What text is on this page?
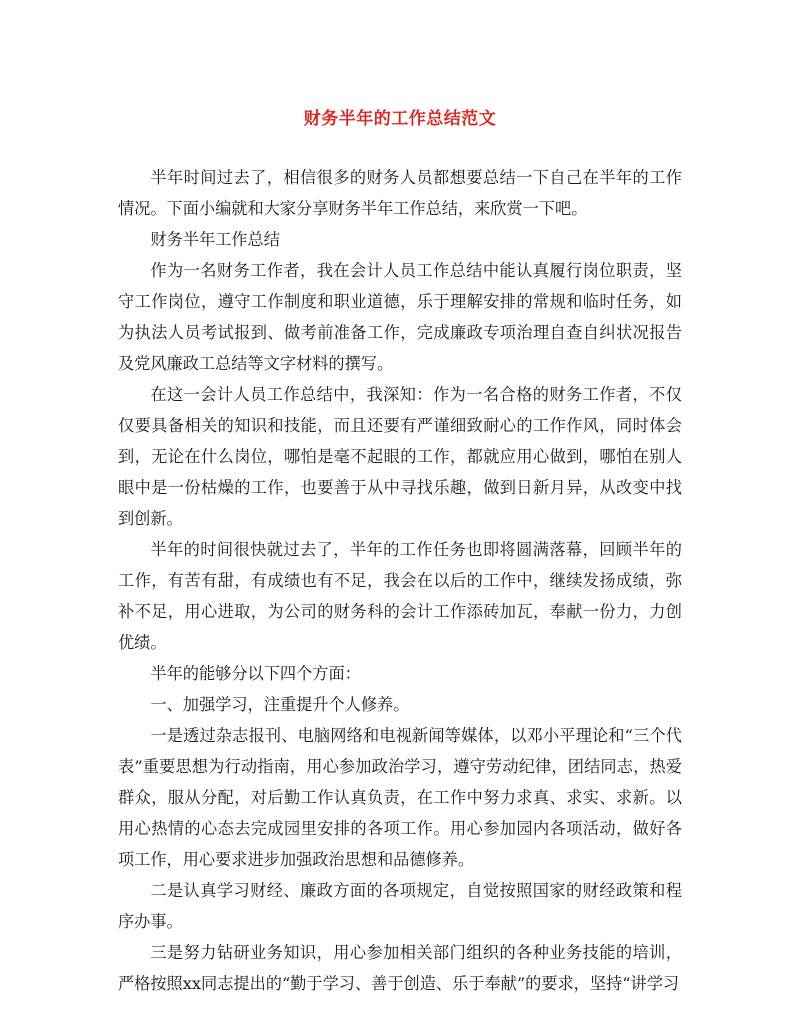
财务半年的工作总结范文

半年时间过去了，相信很多的财务人员都想要总结一下自己在半年的工作情况。下面小编就和大家分享财务半年工作总结，来欣赏一下吧。

财务半年工作总结

作为一名财务工作者，我在会计人员工作总结中能认真履行岗位职责，坚守工作岗位，遵守工作制度和职业道德，乐于理解安排的常规和临时任务，如为执法人员考试报到、做考前准备工作，完成廉政专项治理自查自纠状况报告及党风廉政工总结等文字材料的撰写。

在这一会计人员工作总结中，我深知：作为一名合格的财务工作者，不仅仅要具备相关的知识和技能，而且还要有严谨细致耐心的工作作风，同时体会到，无论在什么岗位，哪怕是毫不起眼的工作，都就应用心做到，哪怕在别人眼中是一份枯燥的工作，也要善于从中寻找乐趣，做到日新月异，从改变中找到创新。

半年的时间很快就过去了，半年的工作任务也即将圆满落幕，回顾半年的工作，有苦有甜，有成绩也有不足，我会在以后的工作中，继续发扬成绩，弥补不足，用心进取，为公司的财务科的会计工作添砖加瓦，奉献一份力，力创优绩。

半年的能够分以下四个方面：

一、加强学习，注重提升个人修养。

一是透过杂志报刊、电脑网络和电视新闻等媒体，以邓小平理论和“三个代表”重要思想为行动指南，用心参加政治学习，遵守劳动纪律，团结同志，热爱群众，服从分配，对后勤工作认真负责，在工作中努力求真、求实、求新。以用心热情的心态去完成园里安排的各项工作。用心参加园内各项活动，做好各项工作，用心要求进步加强政治思想和品德修养。

二是认真学习财经、廉政方面的各项规定，自觉按照国家的财经政策和程序办事。

三是努力钻研业务知识，用心参加相关部门组织的各种业务技能的培训，严格按照xx同志提出的“勤于学习、善于创造、乐于奉献”的要求，坚持“讲学习
